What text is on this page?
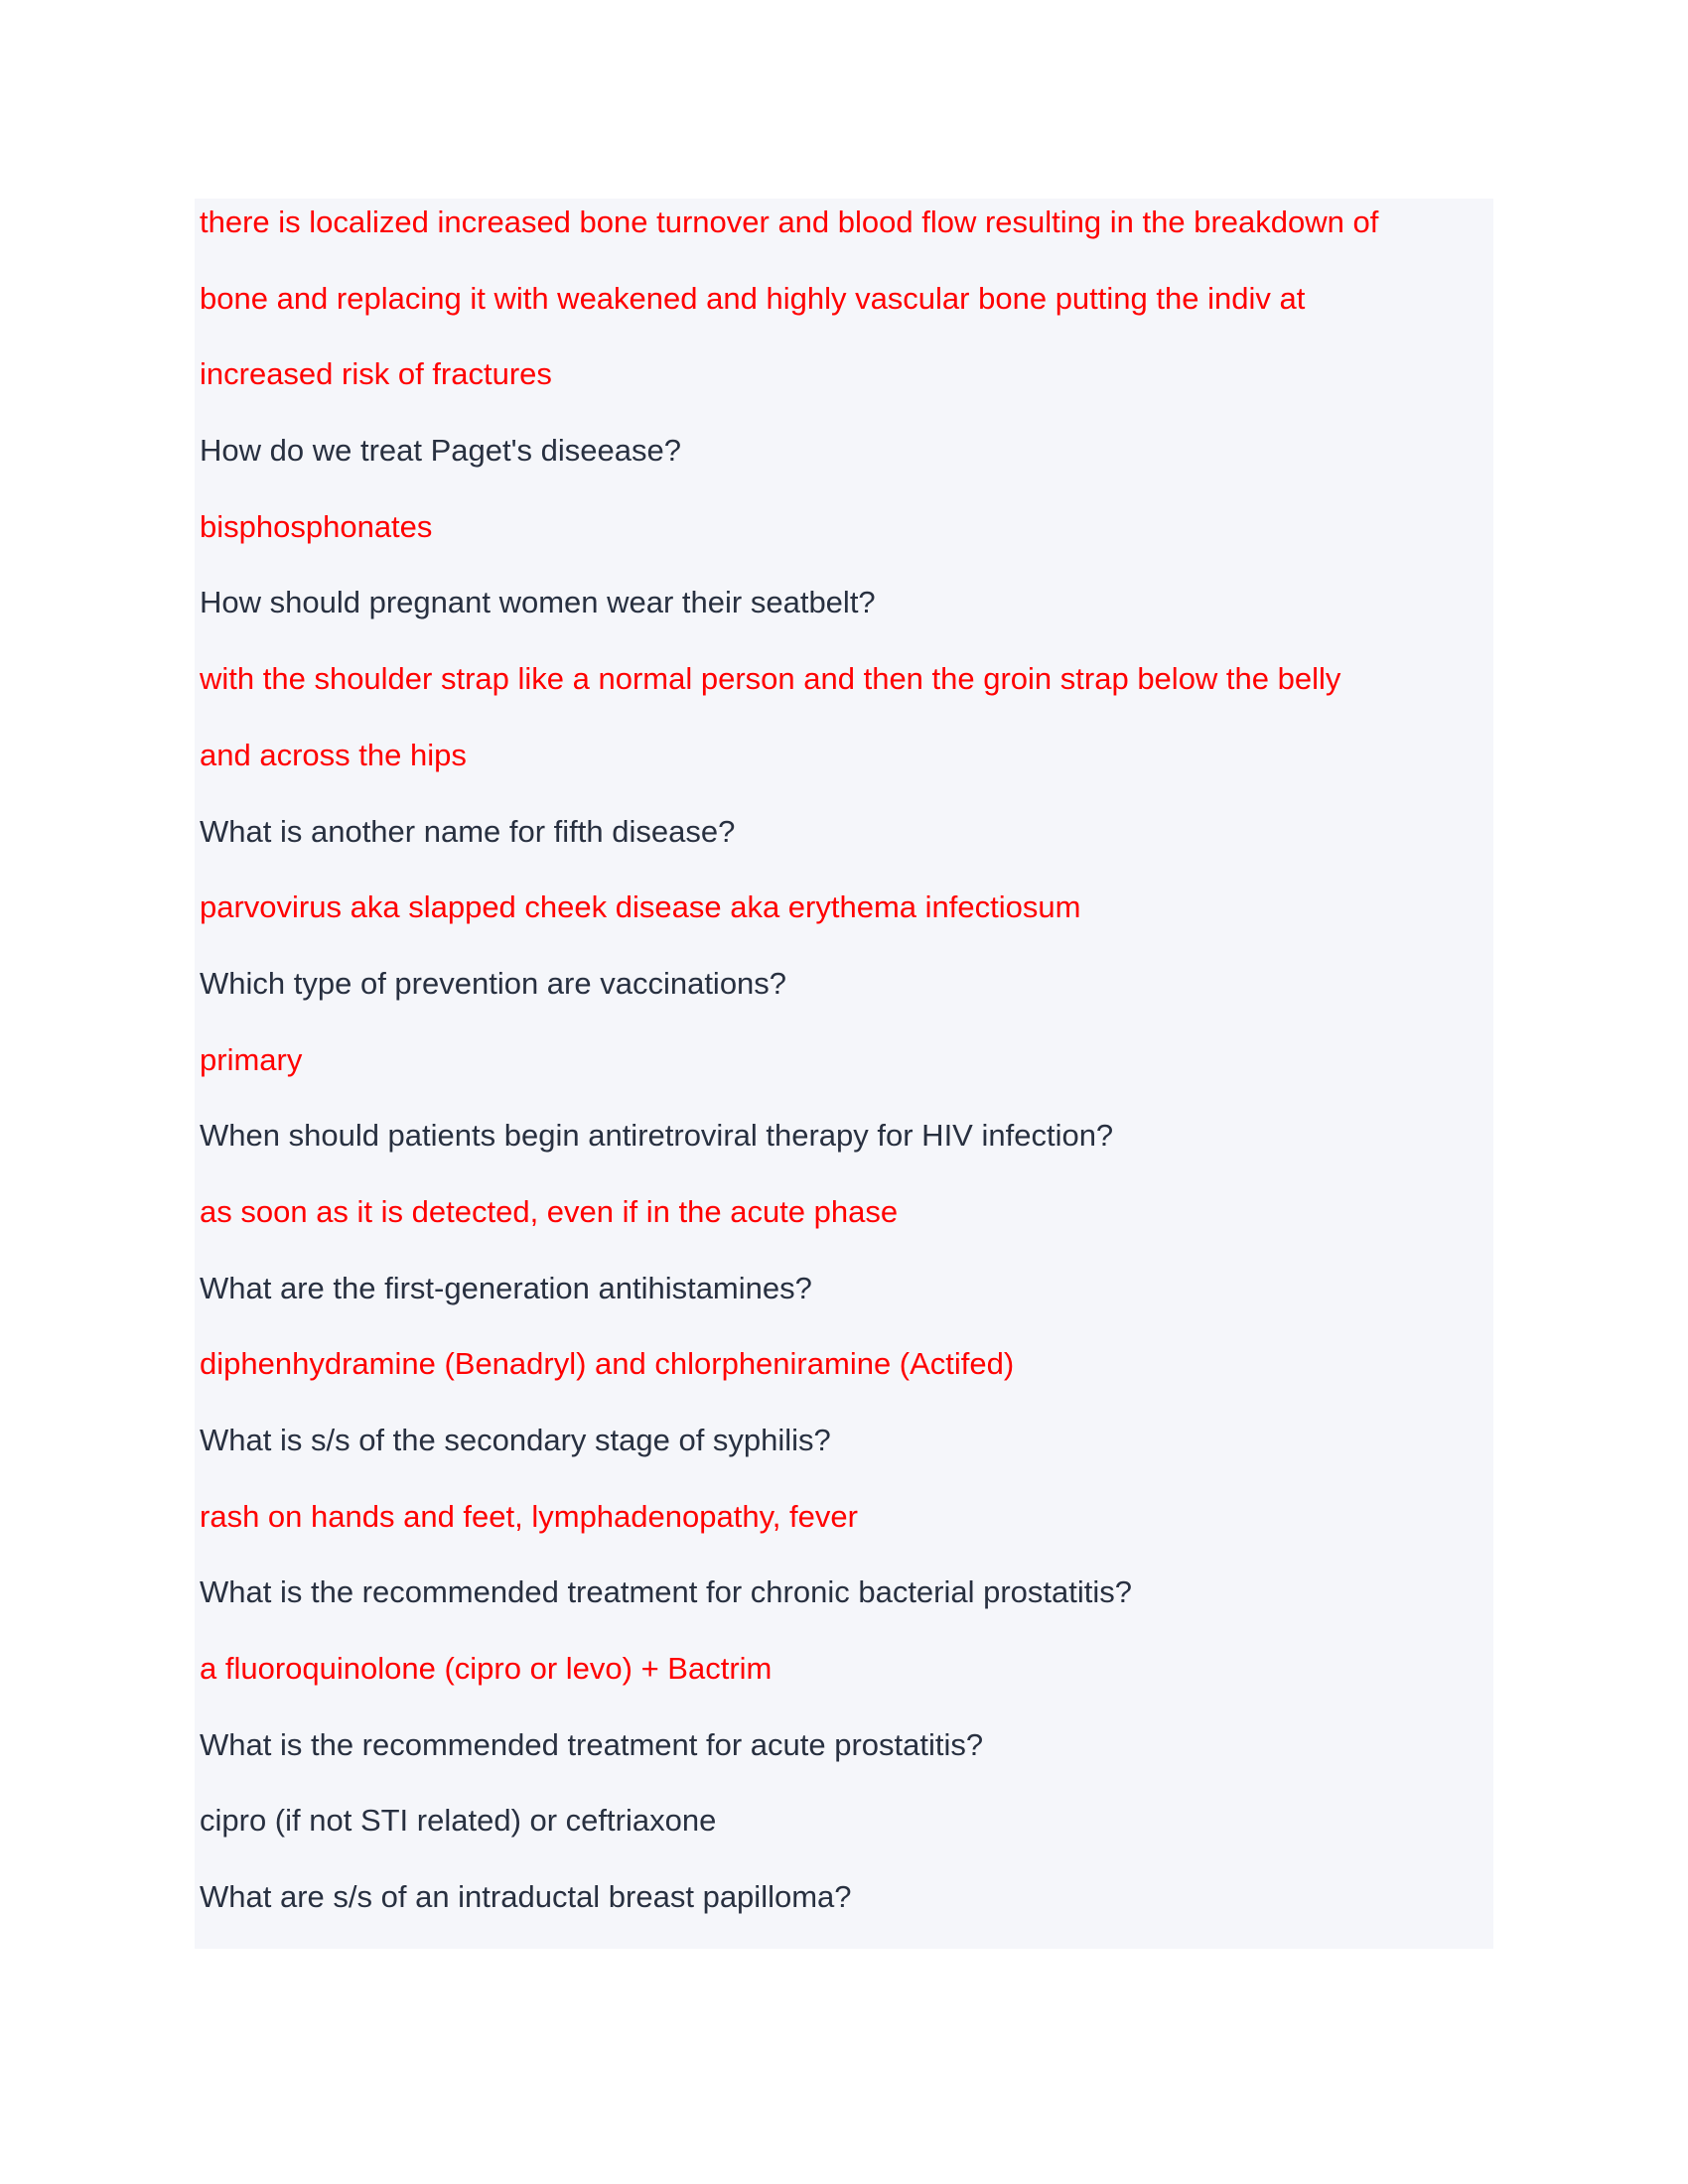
there is localized increased bone turnover and blood flow resulting in the breakdown of
bone and replacing it with weakened and highly vascular bone putting the indiv at
increased risk of fractures
How do we treat Paget's diseease?
bisphosphonates
How should pregnant women wear their seatbelt?
with the shoulder strap like a normal person and then the groin strap below the belly
and across the hips
What is another name for fifth disease?
parvovirus aka slapped cheek disease aka erythema infectiosum
Which type of prevention are vaccinations?
primary
When should patients begin antiretroviral therapy for HIV infection?
as soon as it is detected, even if in the acute phase
What are the first-generation antihistamines?
diphenhydramine (Benadryl) and chlorpheniramine (Actifed)
What is s/s of the secondary stage of syphilis?
rash on hands and feet, lymphadenopathy, fever
What is the recommended treatment for chronic bacterial prostatitis?
a fluoroquinolone (cipro or levo) + Bactrim
What is the recommended treatment for acute prostatitis?
cipro (if not STI related) or ceftriaxone
What are s/s of an intraductal breast papilloma?
